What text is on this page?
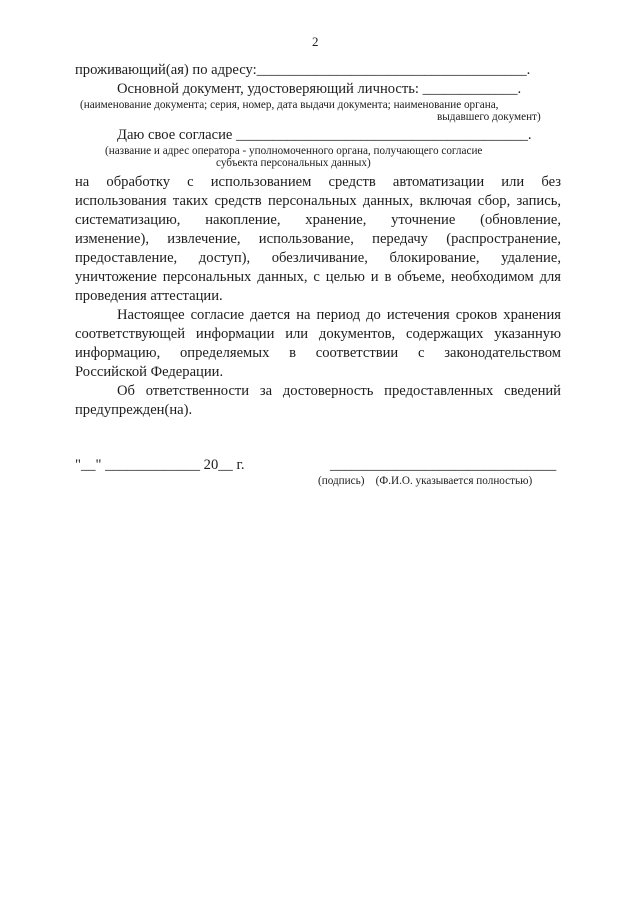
2
проживающий(ая) по адресу:_____________________________________.
Основной документ, удостоверяющий личность: _____________.
(наименование документа; серия, номер, дата выдачи документа; наименование органа,
выдавшего документ)
Даю свое согласие ________________________________________.
(название и адрес оператора - уполномоченного органа, получающего согласие
субъекта персональных данных)
на обработку с использованием средств автоматизации или без
использования таких средств персональных данных, включая сбор, запись,
систематизацию, накопление, хранение, уточнение (обновление,
изменение), извлечение, использование, передачу (распространение,
предоставление, доступ), обезличивание, блокирование, удаление,
уничтожение персональных данных, с целью и в объеме, необходимом для
проведения аттестации.
Настоящее согласие дается на период до истечения сроков хранения
соответствующей информации или документов, содержащих указанную
информацию, определяемых в соответствии с законодательством
Российской Федерации.
Об ответственности за достоверность предоставленных сведений
предупрежден(на).
"__" _____________ 20__ г.	_______________________________
(подпись)    (Ф.И.О. указывается полностью)
